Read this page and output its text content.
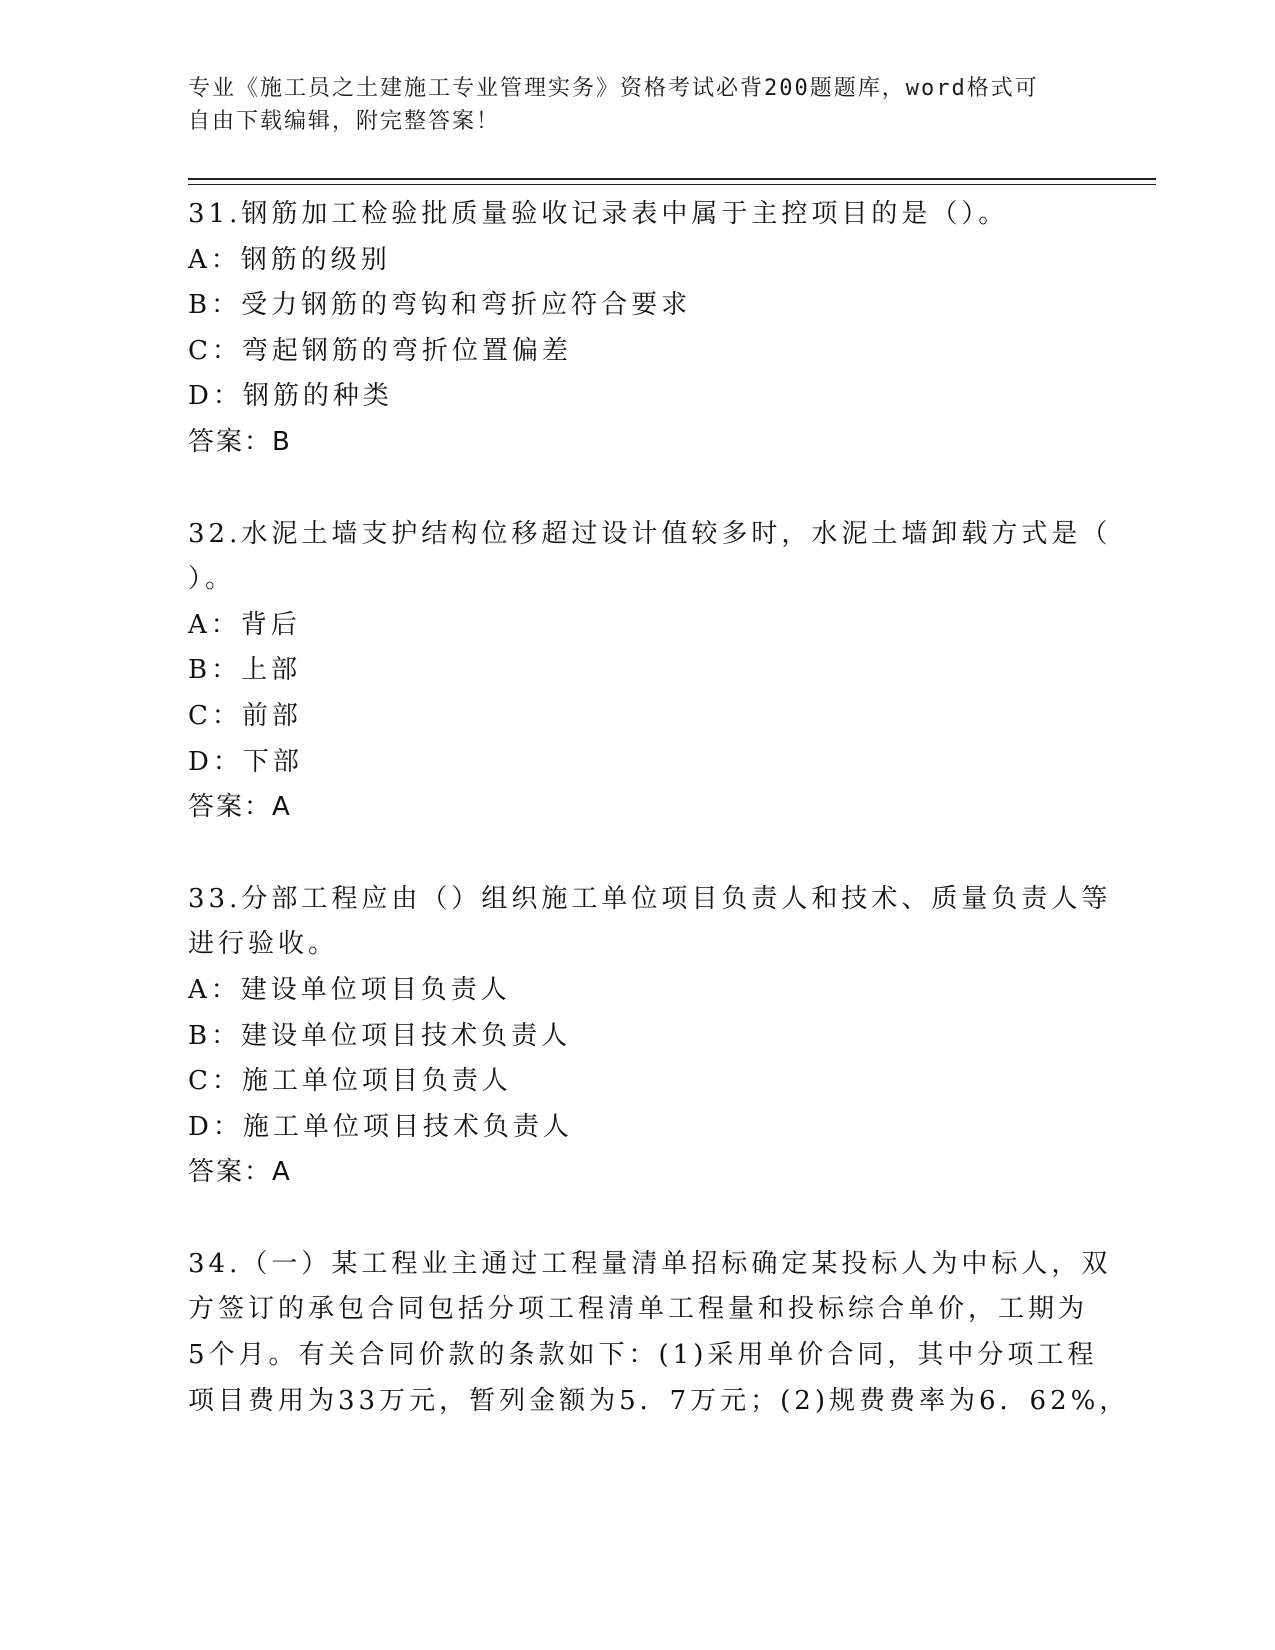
专业《施工员之土建施工专业管理实务》资格考试必背200题题库，word格式可
自由下载编辑，附完整答案！
31.钢筋加工检验批质量验收记录表中属于主控项目的是（）。
A：钢筋的级别
B：受力钢筋的弯钩和弯折应符合要求
C：弯起钢筋的弯折位置偏差
D：钢筋的种类
答案：B
32.水泥土墙支护结构位移超过设计值较多时，水泥土墙卸载方式是（
）。
A：背后
B：上部
C：前部
D：下部
答案：A
33.分部工程应由（）组织施工单位项目负责人和技术、质量负责人等
进行验收。
A：建设单位项目负责人
B：建设单位项目技术负责人
C：施工单位项目负责人
D：施工单位项目技术负责人
答案：A
34.（一）某工程业主通过工程量清单招标确定某投标人为中标人，双
方签订的承包合同包括分项工程清单工程量和投标综合单价，工期为
5个月。有关合同价款的条款如下：(1)采用单价合同，其中分项工程
项目费用为33万元，暂列金额为5．7万元；(2)规费费率为6．62%，
